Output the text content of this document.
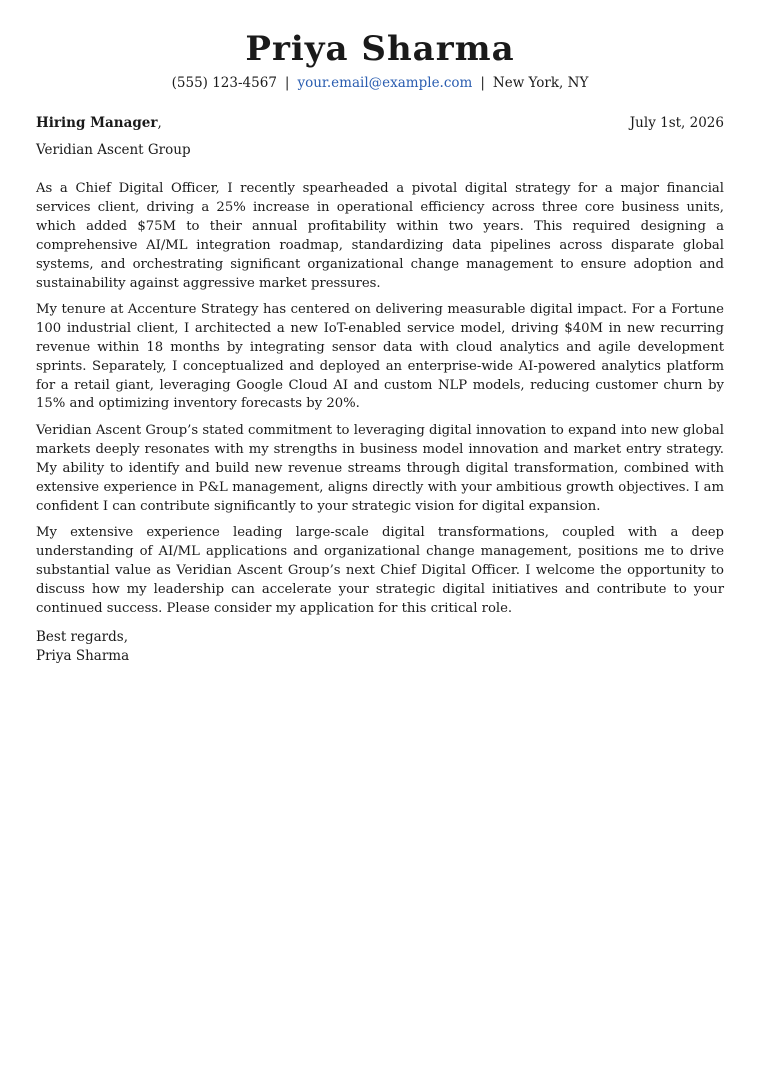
Priya Sharma
(555) 123-4567 | your.email@example.com | New York, NY
Hiring Manager,	July 1st, 2026
Veridian Ascent Group

As a Chief Digital Officer, I recently spearheaded a pivotal digital strategy for a major financial services client, driving a 25% increase in operational efficiency across three core business units, which added $75M to their annual profitability within two years. This required designing a comprehensive AI/ML integration roadmap, standardizing data pipelines across disparate global systems, and orchestrating significant organizational change management to ensure adoption and sustainability against aggressive market pressures.

My tenure at Accenture Strategy has centered on delivering measurable digital impact. For a Fortune 100 industrial client, I architected a new IoT-enabled service model, driving $40M in new recurring revenue within 18 months by integrating sensor data with cloud analytics and agile development sprints. Separately, I conceptualized and deployed an enterprise-wide AI-powered analytics platform for a retail giant, leveraging Google Cloud AI and custom NLP models, reducing customer churn by 15% and optimizing inventory forecasts by 20%.

Veridian Ascent Group’s stated commitment to leveraging digital innovation to expand into new global markets deeply resonates with my strengths in business model innovation and market entry strategy. My ability to identify and build new revenue streams through digital transformation, combined with extensive experience in P&L management, aligns directly with your ambitious growth objectives. I am confident I can contribute significantly to your strategic vision for digital expansion.

My extensive experience leading large-scale digital transformations, coupled with a deep understanding of AI/ML applications and organizational change management, positions me to drive substantial value as Veridian Ascent Group’s next Chief Digital Officer. I welcome the opportunity to discuss how my leadership can accelerate your strategic digital initiatives and contribute to your continued success. Please consider my application for this critical role.

Best regards,
Priya Sharma
